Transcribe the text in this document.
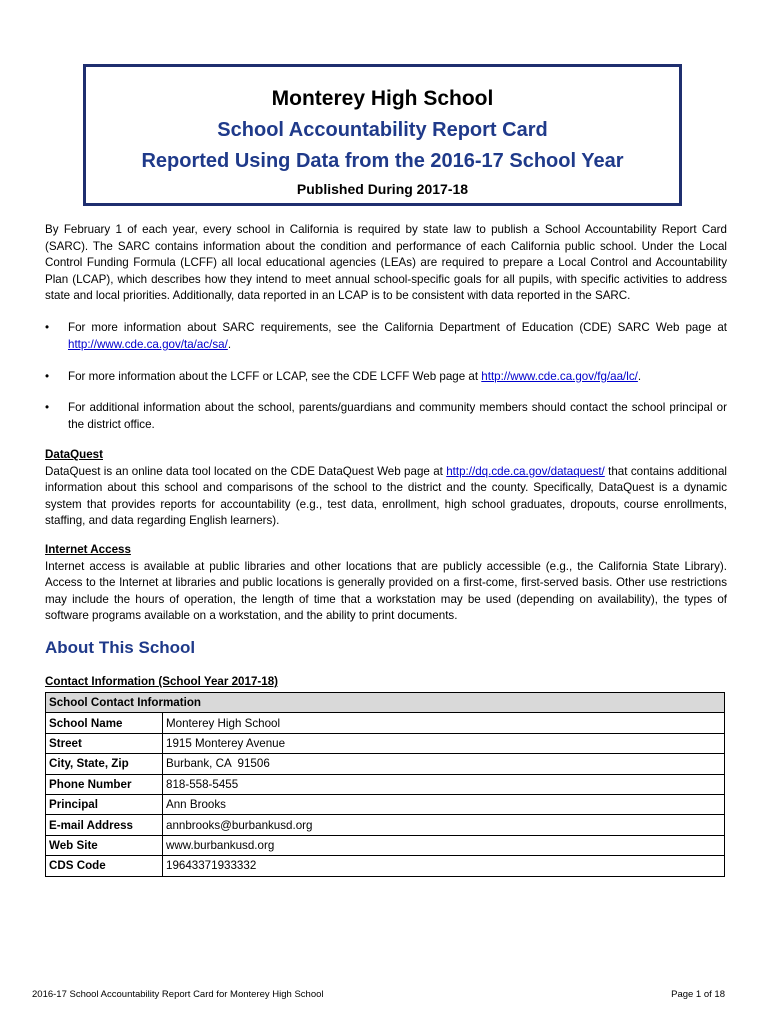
Monterey High School
School Accountability Report Card
Reported Using Data from the 2016-17 School Year
Published During 2017-18
By February 1 of each year, every school in California is required by state law to publish a School Accountability Report Card (SARC). The SARC contains information about the condition and performance of each California public school. Under the Local Control Funding Formula (LCFF) all local educational agencies (LEAs) are required to prepare a Local Control and Accountability Plan (LCAP), which describes how they intend to meet annual school-specific goals for all pupils, with specific activities to address state and local priorities. Additionally, data reported in an LCAP is to be consistent with data reported in the SARC.
• For more information about SARC requirements, see the California Department of Education (CDE) SARC Web page at http://www.cde.ca.gov/ta/ac/sa/.
• For more information about the LCFF or LCAP, see the CDE LCFF Web page at http://www.cde.ca.gov/fg/aa/lc/.
• For additional information about the school, parents/guardians and community members should contact the school principal or the district office.
DataQuest
DataQuest is an online data tool located on the CDE DataQuest Web page at http://dq.cde.ca.gov/dataquest/ that contains additional information about this school and comparisons of the school to the district and the county. Specifically, DataQuest is a dynamic system that provides reports for accountability (e.g., test data, enrollment, high school graduates, dropouts, course enrollments, staffing, and data regarding English learners).
Internet Access
Internet access is available at public libraries and other locations that are publicly accessible (e.g., the California State Library). Access to the Internet at libraries and public locations is generally provided on a first-come, first-served basis. Other use restrictions may include the hours of operation, the length of time that a workstation may be used (depending on availability), the types of software programs available on a workstation, and the ability to print documents.
About This School
Contact Information (School Year 2017-18)
School Contact Information	
School Name	Monterey High School
Street	1915 Monterey Avenue
City, State, Zip	Burbank, CA  91506
Phone Number	818-558-5455
Principal	Ann Brooks
E-mail Address	annbrooks@burbankusd.org
Web Site	www.burbankusd.org
CDS Code	19643371933332
2016-17 School Accountability Report Card for Monterey High School	Page 1 of 18
